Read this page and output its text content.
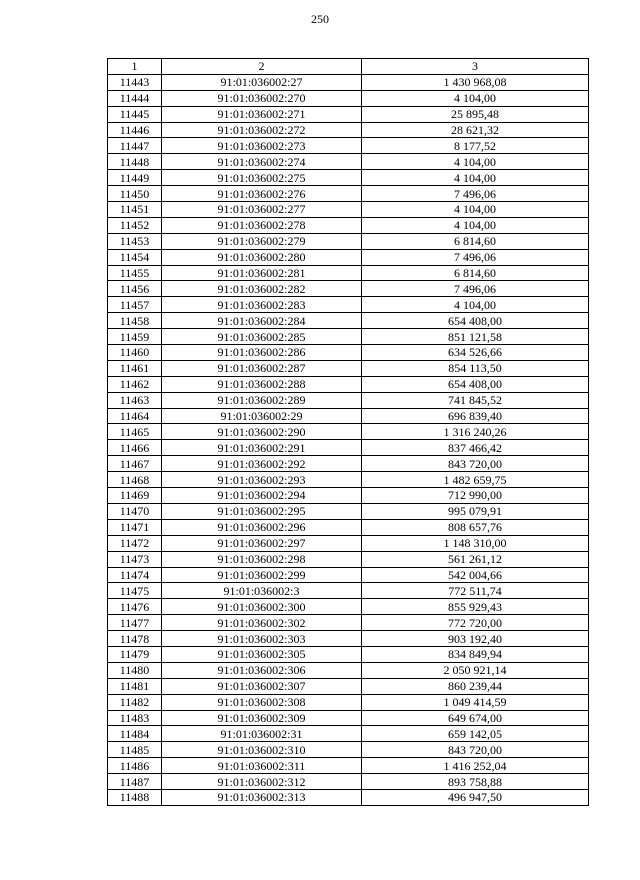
250
1	2	3
11443	91:01:036002:27	1 430 968,08
11444	91:01:036002:270	4 104,00
11445	91:01:036002:271	25 895,48
11446	91:01:036002:272	28 621,32
11447	91:01:036002:273	8 177,52
11448	91:01:036002:274	4 104,00
11449	91:01:036002:275	4 104,00
11450	91:01:036002:276	7 496,06
11451	91:01:036002:277	4 104,00
11452	91:01:036002:278	4 104,00
11453	91:01:036002:279	6 814,60
11454	91:01:036002:280	7 496,06
11455	91:01:036002:281	6 814,60
11456	91:01:036002:282	7 496,06
11457	91:01:036002:283	4 104,00
11458	91:01:036002:284	654 408,00
11459	91:01:036002:285	851 121,58
11460	91:01:036002:286	634 526,66
11461	91:01:036002:287	854 113,50
11462	91:01:036002:288	654 408,00
11463	91:01:036002:289	741 845,52
11464	91:01:036002:29	696 839,40
11465	91:01:036002:290	1 316 240,26
11466	91:01:036002:291	837 466,42
11467	91:01:036002:292	843 720,00
11468	91:01:036002:293	1 482 659,75
11469	91:01:036002:294	712 990,00
11470	91:01:036002:295	995 079,91
11471	91:01:036002:296	808 657,76
11472	91:01:036002:297	1 148 310,00
11473	91:01:036002:298	561 261,12
11474	91:01:036002:299	542 004,66
11475	91:01:036002:3	772 511,74
11476	91:01:036002:300	855 929,43
11477	91:01:036002:302	772 720,00
11478	91:01:036002:303	903 192,40
11479	91:01:036002:305	834 849,94
11480	91:01:036002:306	2 050 921,14
11481	91:01:036002:307	860 239,44
11482	91:01:036002:308	1 049 414,59
11483	91:01:036002:309	649 674,00
11484	91:01:036002:31	659 142,05
11485	91:01:036002:310	843 720,00
11486	91:01:036002:311	1 416 252,04
11487	91:01:036002:312	893 758,88
11488	91:01:036002:313	496 947,50
